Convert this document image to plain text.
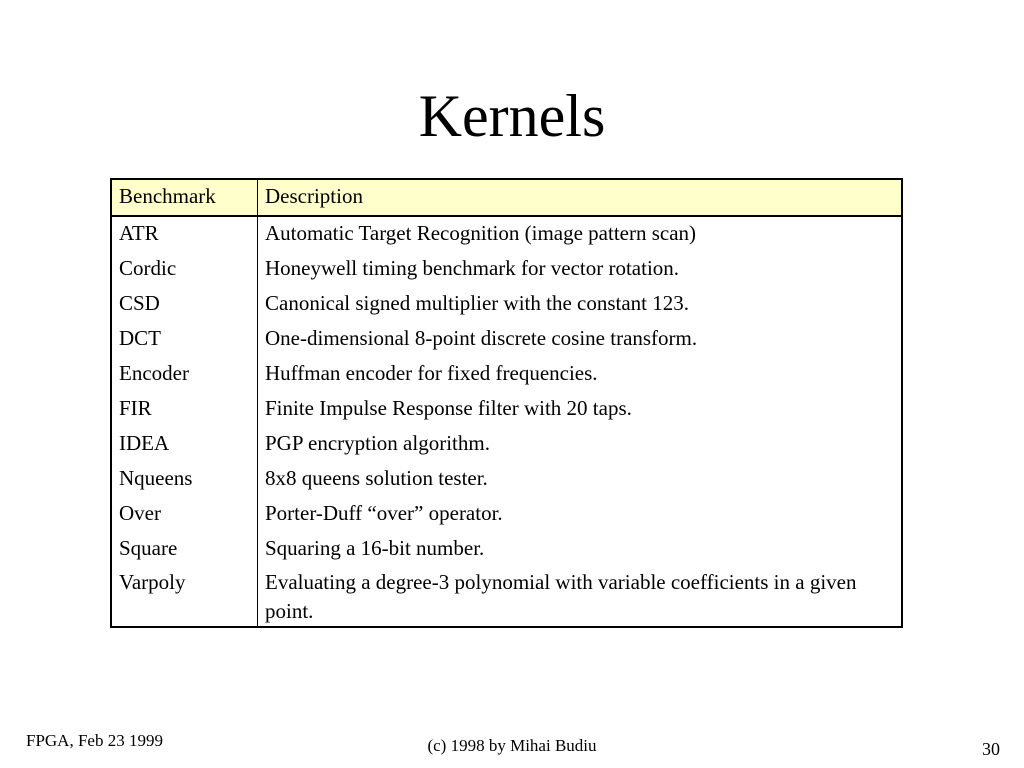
Kernels
Benchmark	Description
ATR	Automatic Target Recognition (image pattern scan)
Cordic	Honeywell timing benchmark for vector rotation.
CSD	Canonical signed multiplier with the constant 123.
DCT	One-dimensional 8-point discrete cosine transform.
Encoder	Huffman encoder for fixed frequencies.
FIR	Finite Impulse Response filter with 20 taps.
IDEA	PGP encryption algorithm.
Nqueens	8x8 queens solution tester.
Over	Porter-Duff “over” operator.
Square	Squaring a 16-bit number.
Varpoly	Evaluating a degree-3 polynomial with variable coefficients in a given point.
FPGA, Feb 23 1999	(c) 1998 by Mihai Budiu	30
